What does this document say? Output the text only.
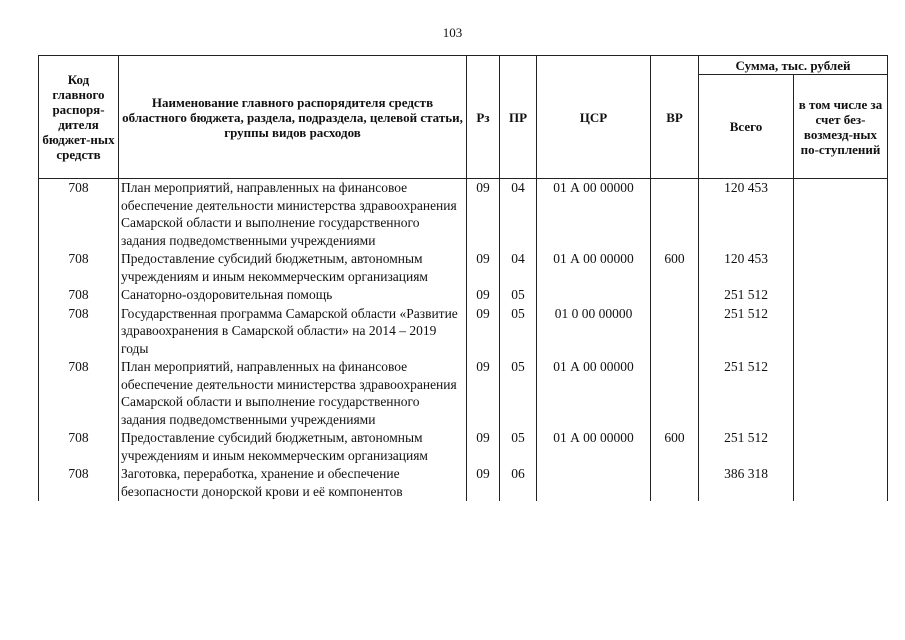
103
Код главного распоря-дителя бюджет-ных средств	Наименование главного распорядителя средств областного бюджета, раздела, подраздела, целевой статьи, группы видов расходов	Рз	ПР	ЦСР	ВР	Сумма, тыс. рублей	
						Всего	в том числе за счет без-возмезд-ных по-ступлений
708	План мероприятий, направленных на финансовое обеспечение деятельности министерства здравоохранения Самарской области и выполнение государственного задания подведомственными учреждениями	09	04	01 А 00 00000		120 453	
708	Предоставление субсидий бюджетным, автономным учреждениям и иным некоммерческим организациям	09	04	01 А 00 00000	600	120 453	
708	Санаторно-оздоровительная помощь	09	05			251 512	
708	Государственная программа Самарской области «Развитие здравоохранения в Самарской области» на 2014 – 2019 годы	09	05	01 0 00 00000		251 512	
708	План мероприятий, направленных на финансовое обеспечение деятельности министерства здравоохранения Самарской области и выполнение государственного задания подведомственными учреждениями	09	05	01 А 00 00000		251 512	
708	Предоставление субсидий бюджетным, автономным учреждениям и иным некоммерческим организациям	09	05	01 А 00 00000	600	251 512	
708	Заготовка, переработка, хранение и обеспечение безопасности донорской крови и её компонентов	09	06			386 318	
